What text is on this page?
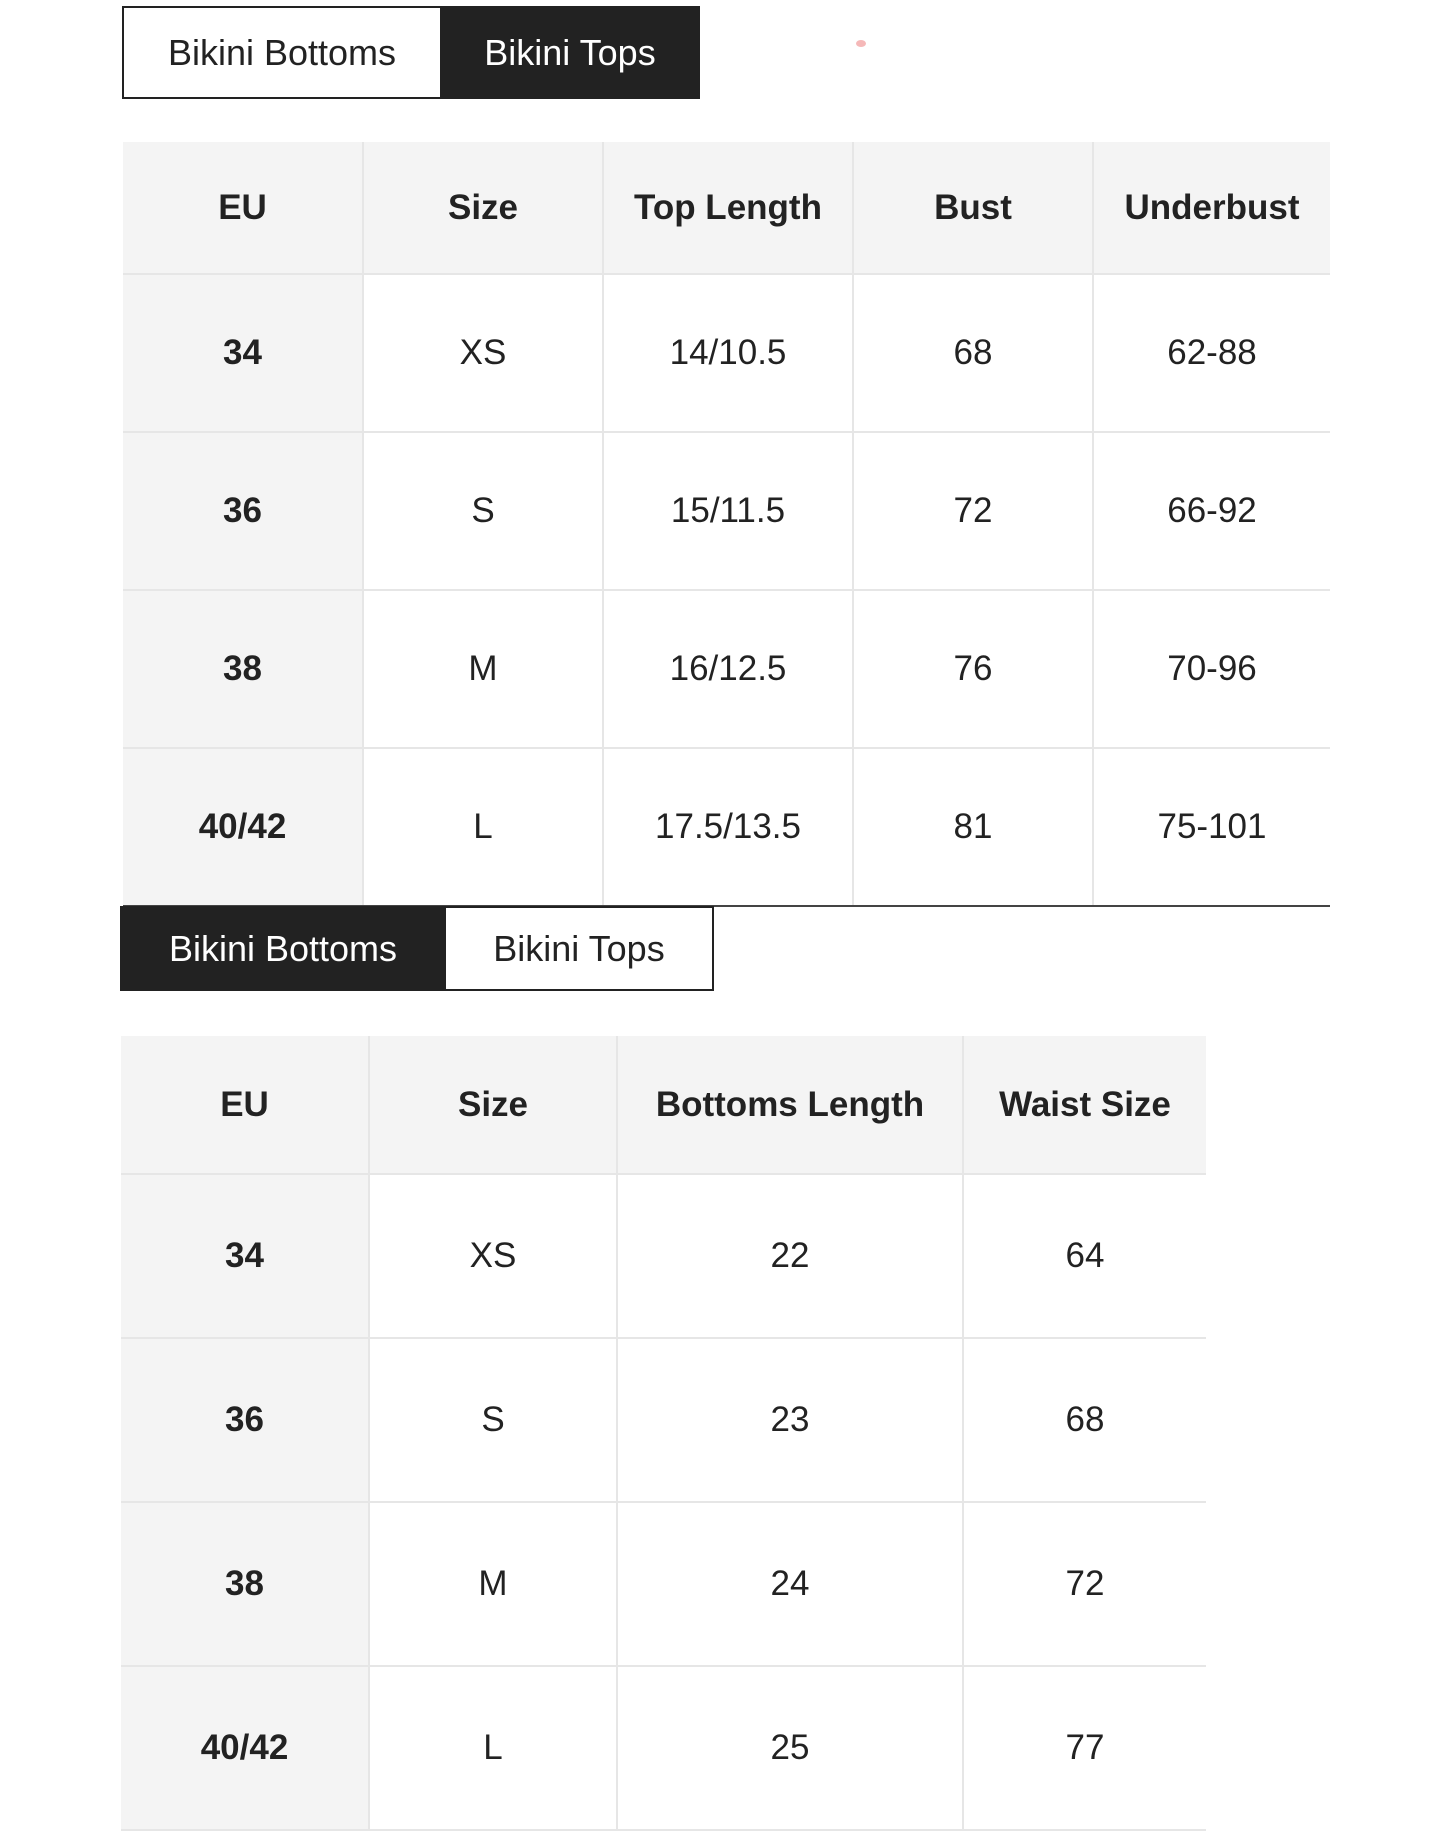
Bikini Bottoms	Bikini Tops
EU	Size	Top Length	Bust	Underbust
34	XS	14/10.5	68	62-88
36	S	15/11.5	72	66-92
38	M	16/12.5	76	70-96
40/42	L	17.5/13.5	81	75-101
Bikini Bottoms	Bikini Tops
EU	Size	Bottoms Length	Waist Size
34	XS	22	64
36	S	23	68
38	M	24	72
40/42	L	25	77
